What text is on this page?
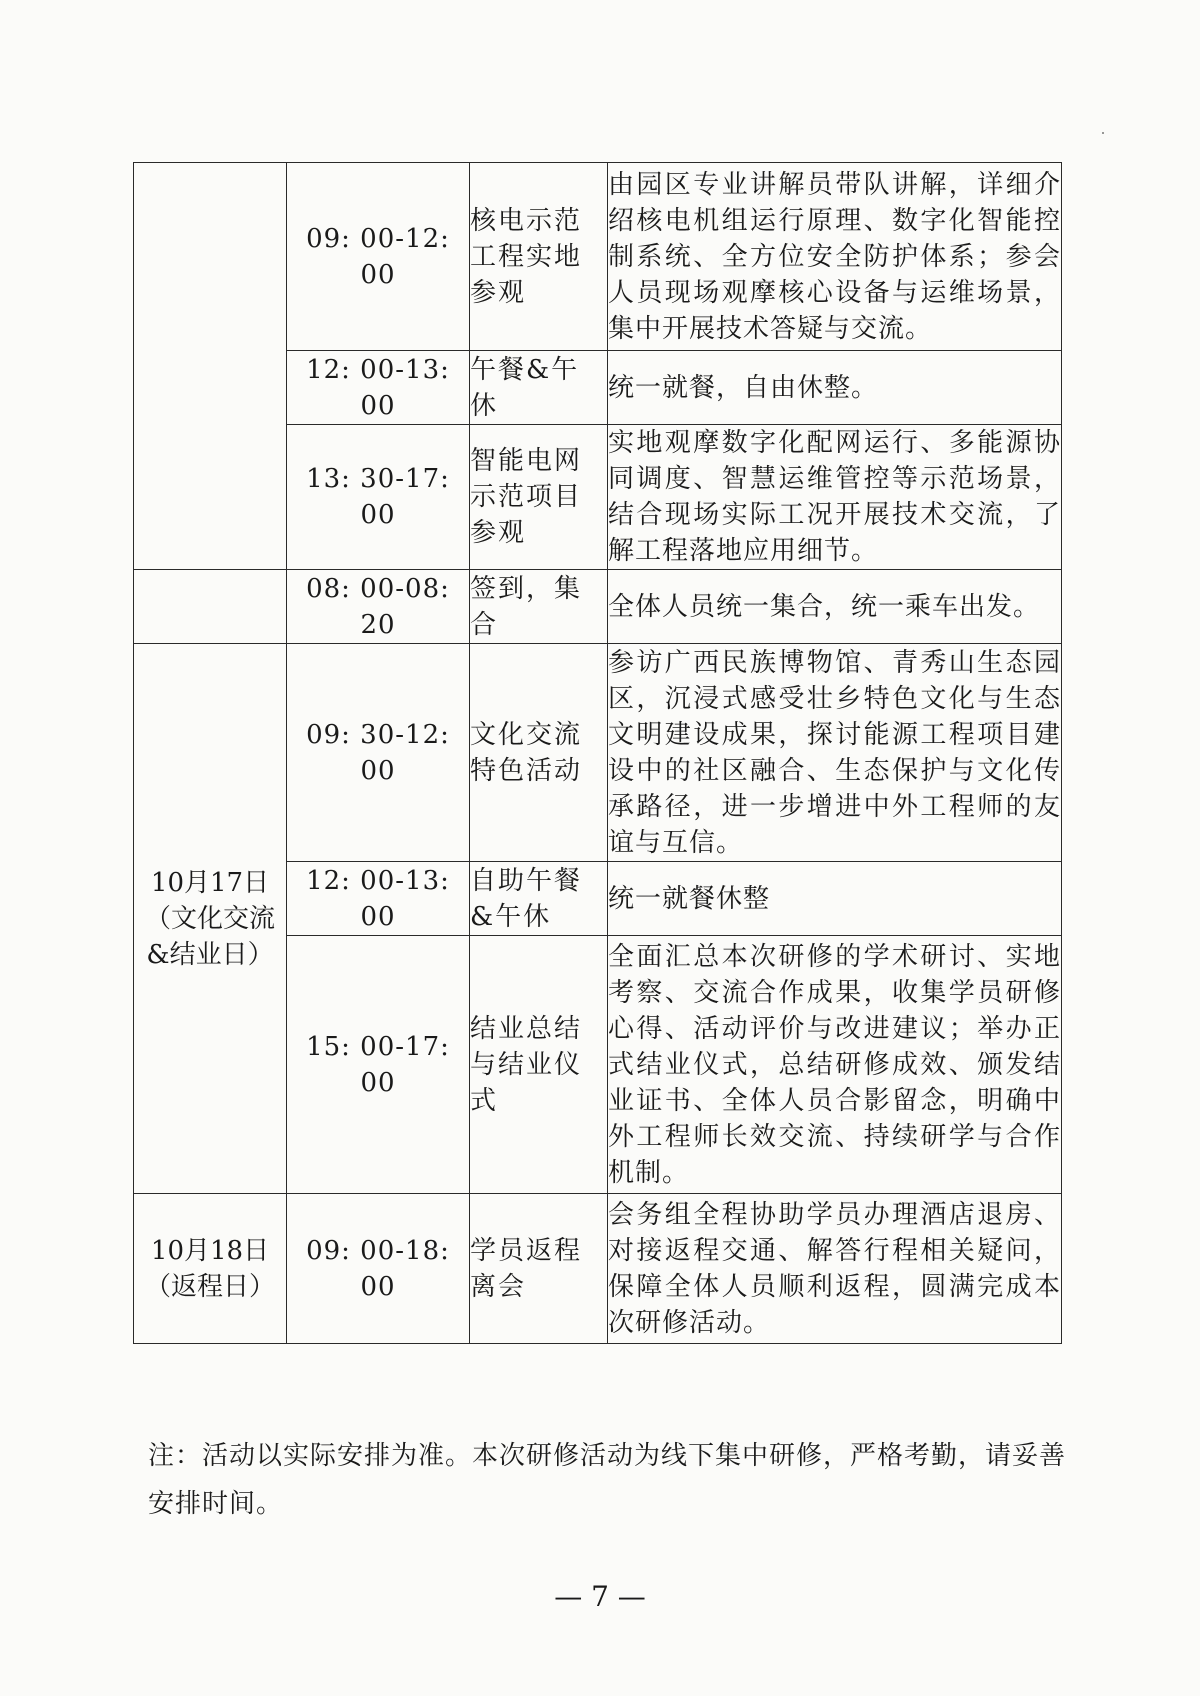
	09: 00-12: 00	核电示范工程实地参观	由园区专业讲解员带队讲解，详细介绍核电机组运行原理、数字化智能控制系统、全方位安全防护体系；参会人员现场观摩核心设备与运维场景，集中开展技术答疑与交流。
	12: 00-13: 00	午餐&午休	统一就餐，自由休整。
	13: 30-17: 00	智能电网示范项目参观	实地观摩数字化配网运行、多能源协同调度、智慧运维管控等示范场景，结合现场实际工况开展技术交流，了解工程落地应用细节。
	08: 00-08: 20	签到，集合	全体人员统一集合，统一乘车出发。
10月17日（文化交流&结业日）	09: 30-12: 00	文化交流特色活动	参访广西民族博物馆、青秀山生态园区，沉浸式感受壮乡特色文化与生态文明建设成果，探讨能源工程项目建设中的社区融合、生态保护与文化传承路径，进一步增进中外工程师的友谊与互信。
	12: 00-13: 00	自助午餐&午休	统一就餐休整
	15: 00-17: 00	结业总结与结业仪式	全面汇总本次研修的学术研讨、实地考察、交流合作成果，收集学员研修心得、活动评价与改进建议；举办正式结业仪式，总结研修成效、颁发结业证书、全体人员合影留念，明确中外工程师长效交流、持续研学与合作机制。
10月18日（返程日）	09: 00-18: 00	学员返程离会	会务组全程协助学员办理酒店退房、对接返程交通、解答行程相关疑问，保障全体人员顺利返程，圆满完成本次研修活动。
注：活动以实际安排为准。本次研修活动为线下集中研修，严格考勤，请妥善安排时间。
— 7 —
